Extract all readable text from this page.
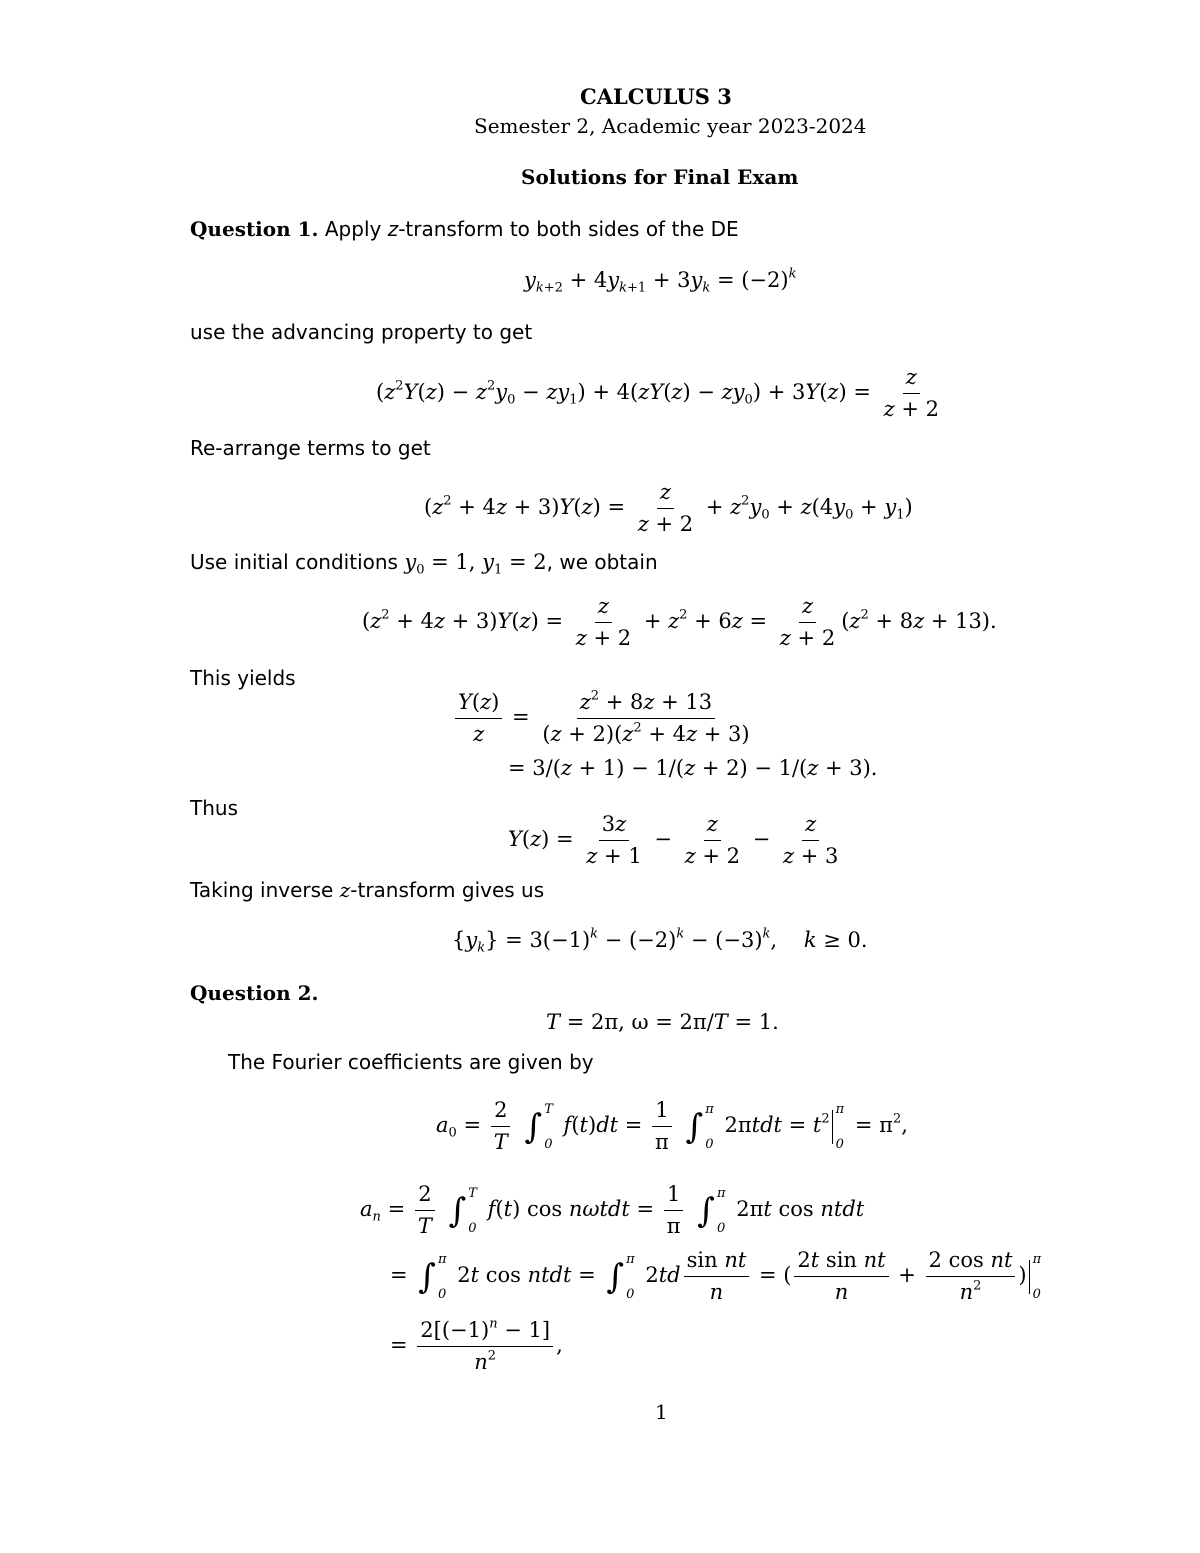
CALCULUS 3
Semester 2, Academic year 2023-2024
Solutions for Final Exam
Question 1. Apply z-transform to both sides of the DE
$y_{k+2} + 4y_{k+1} + 3y_k = (-2)^k$
use the advancing property to get
$(z^2Y(z) - z^2y_0 - zy_1) + 4(zY(z) - zy_0) + 3Y(z) = \frac{z}{z + 2}$
Re-arrange terms to get
$(z^2 + 4z + 3)Y(z) = \frac{z}{z + 2} + z^2y_0 + z(4y_0 + y_1)$
Use initial conditions $y_0 = 1$, $y_1 = 2$, we obtain
$(z^2 + 4z + 3)Y(z) = \frac{z}{z + 2} + z^2 + 6z = \frac{z}{z + 2} (z^2 + 8z + 13)$.
This yields
$\frac{Y(z)}{z} = \frac{z^2 + 8z + 13}{(z + 2)(z^2 + 4z + 3)}$
= 3/(z + 1) − 1/(z + 2) − 1/(z + 3).
Thus
$Y(z) = \frac{3z}{z + 1} - \frac{z}{z + 2} - \frac{z}{z + 3}$
Taking inverse z-transform gives us
$\{y_k\} = 3(-1)^k - (-2)^k - (-3)^k$,    k ≥ 0.
Question 2.
T = 2π, ω = 2π/T = 1.
The Fourier coefficients are given by
$a_0 = \frac{2}{T}$ ∫ T
0
$f(t)dt = \frac{1}{\pi}$ ∫ π
0
$2\pi tdt = t^2$
π
0
= $\pi^2$,
$a_n = \frac{2}{T}$ ∫ T
0
f(t) $\cos n\omega tdt = \frac{1}{\pi}$ ∫ π
0
2πt cos ntdt
= ∫ π
0
2t cos ntdt = ∫ π
0
$2td \frac{\text{sin nt}}{n}$ = ( $\frac{\text{2t sin nt}}{n} + \frac{\text{2 cos nt}}{n^2}$ )
π
0
= $\frac{2[(-1)^n - 1]}{n^2}$ ,
1
